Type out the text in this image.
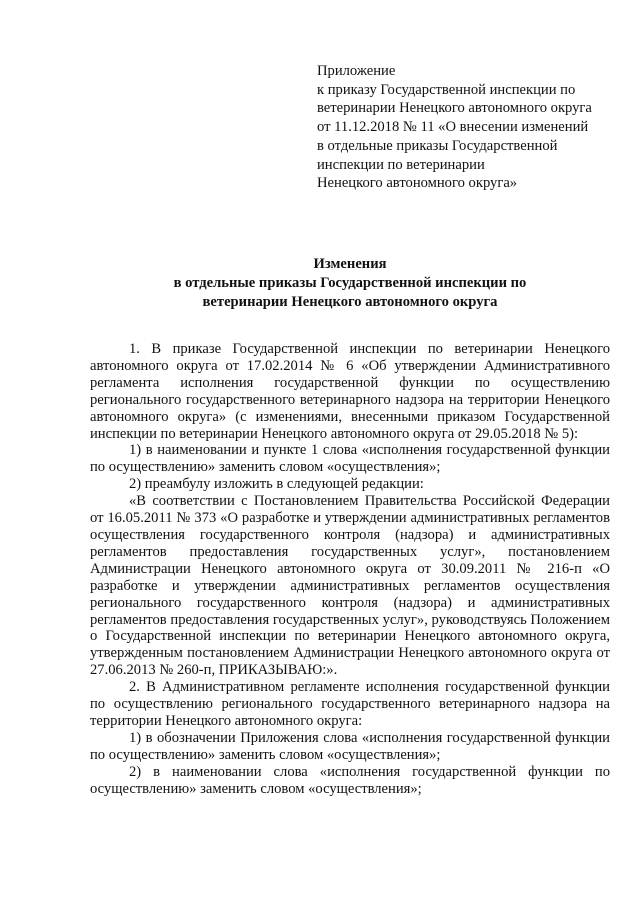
Приложение
к приказу Государственной инспекции по
ветеринарии Ненецкого автономного округа
от 11.12.2018 № 11 «О внесении изменений
в отдельные приказы Государственной
инспекции по ветеринарии
Ненецкого автономного округа»
Изменения
в отдельные приказы Государственной инспекции по
ветеринарии Ненецкого автономного округа

1. В приказе Государственной инспекции по ветеринарии Ненецкого автономного округа от 17.02.2014 № 6 «Об утверждении Административного регламента исполнения государственной функции по осуществлению регионального государственного ветеринарного надзора на территории Ненецкого автономного округа» (с изменениями, внесенными приказом Государственной инспекции по ветеринарии Ненецкого автономного округа от 29.05.2018 № 5):

1) в наименовании и пункте 1 слова «исполнения государственной функции по осуществлению» заменить словом «осуществления»;

2) преамбулу изложить в следующей редакции:

«В соответствии с Постановлением Правительства Российской Федерации от 16.05.2011 № 373 «О разработке и утверждении административных регламентов осуществления государственного контроля (надзора) и административных регламентов предоставления государственных услуг», постановлением Администрации Ненецкого автономного округа от 30.09.2011 № 216-п «О разработке и утверждении административных регламентов осуществления регионального государственного контроля (надзора) и административных регламентов предоставления государственных услуг», руководствуясь Положением о Государственной инспекции по ветеринарии Ненецкого автономного округа, утвержденным постановлением Администрации Ненецкого автономного округа от 27.06.2013 № 260-п, ПРИКАЗЫВАЮ:».

2. В Административном регламенте исполнения государственной функции по осуществлению регионального государственного ветеринарного надзора на территории Ненецкого автономного округа:

1) в обозначении Приложения слова «исполнения государственной функции по осуществлению» заменить словом «осуществления»;

2) в наименовании слова «исполнения государственной функции по осуществлению» заменить словом «осуществления»;
